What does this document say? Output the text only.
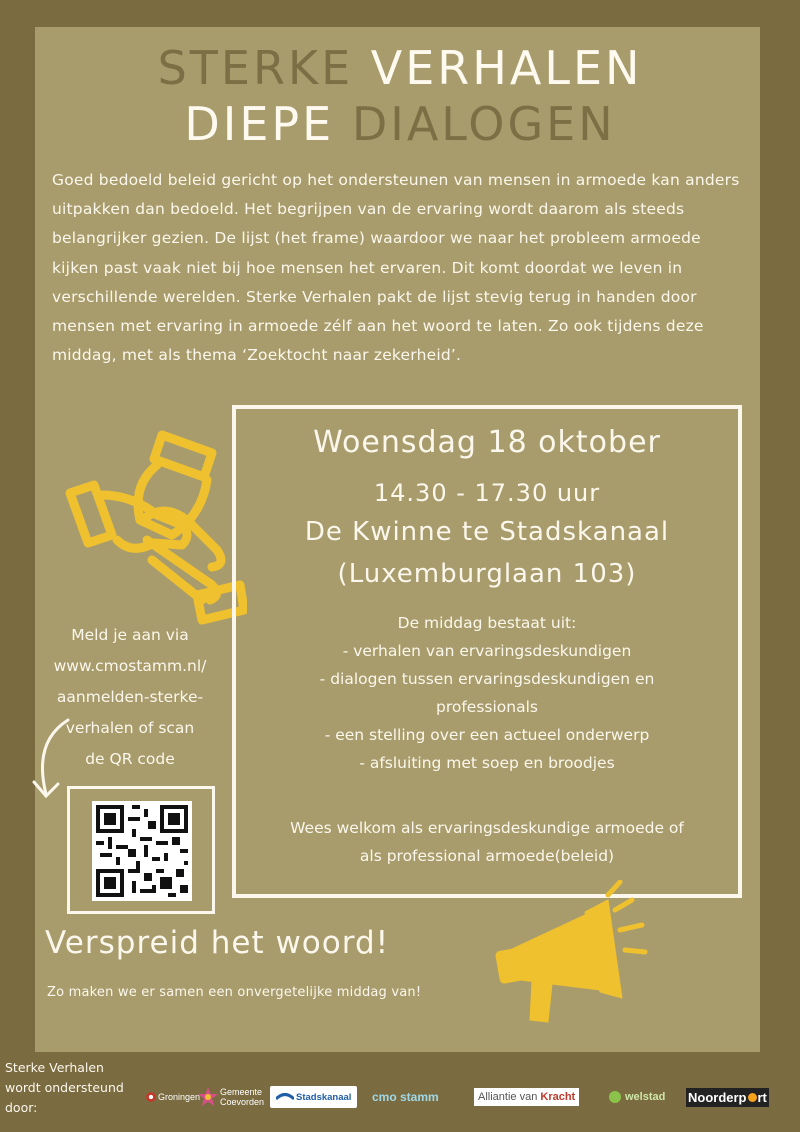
STERKE VERHALEN
DIEPE DIALOGEN
Goed bedoeld beleid gericht op het ondersteunen van mensen in armoede kan anders uitpakken dan bedoeld. Het begrijpen van de ervaring wordt daarom als steeds belangrijker gezien. De lijst (het frame) waardoor we naar het probleem armoede kijken past vaak niet bij hoe mensen het ervaren. Dit komt doordat we leven in verschillende werelden. Sterke Verhalen pakt de lijst stevig terug in handen door mensen met ervaring in armoede zélf aan het woord te laten. Zo ook tijdens deze middag, met als thema ‘Zoektocht naar zekerheid’.
Woensdag 18 oktober
14.30 - 17.30 uur
De Kwinne te Stadskanaal
(Luxemburglaan 103)
De middag bestaat uit:
- verhalen van ervaringsdeskundigen
- dialogen tussen ervaringsdeskundigen en
professionals
- een stelling over een actueel onderwerp
- afsluiting met soep en broodjes
Wees welkom als ervaringsdeskundige armoede of
als professional armoede(beleid)
Meld je aan via
www.cmostamm.nl/
aanmelden-sterke-
verhalen of scan
de QR code
Verspreid het woord!
Zo maken we er samen een onvergetelijke middag van!
Sterke Verhalen
wordt ondersteund
door:
Groningen Gemeente
Coevorden	Stadskanaal cmo stamm	Alliantie van Kracht	welstad Noorderp rt
